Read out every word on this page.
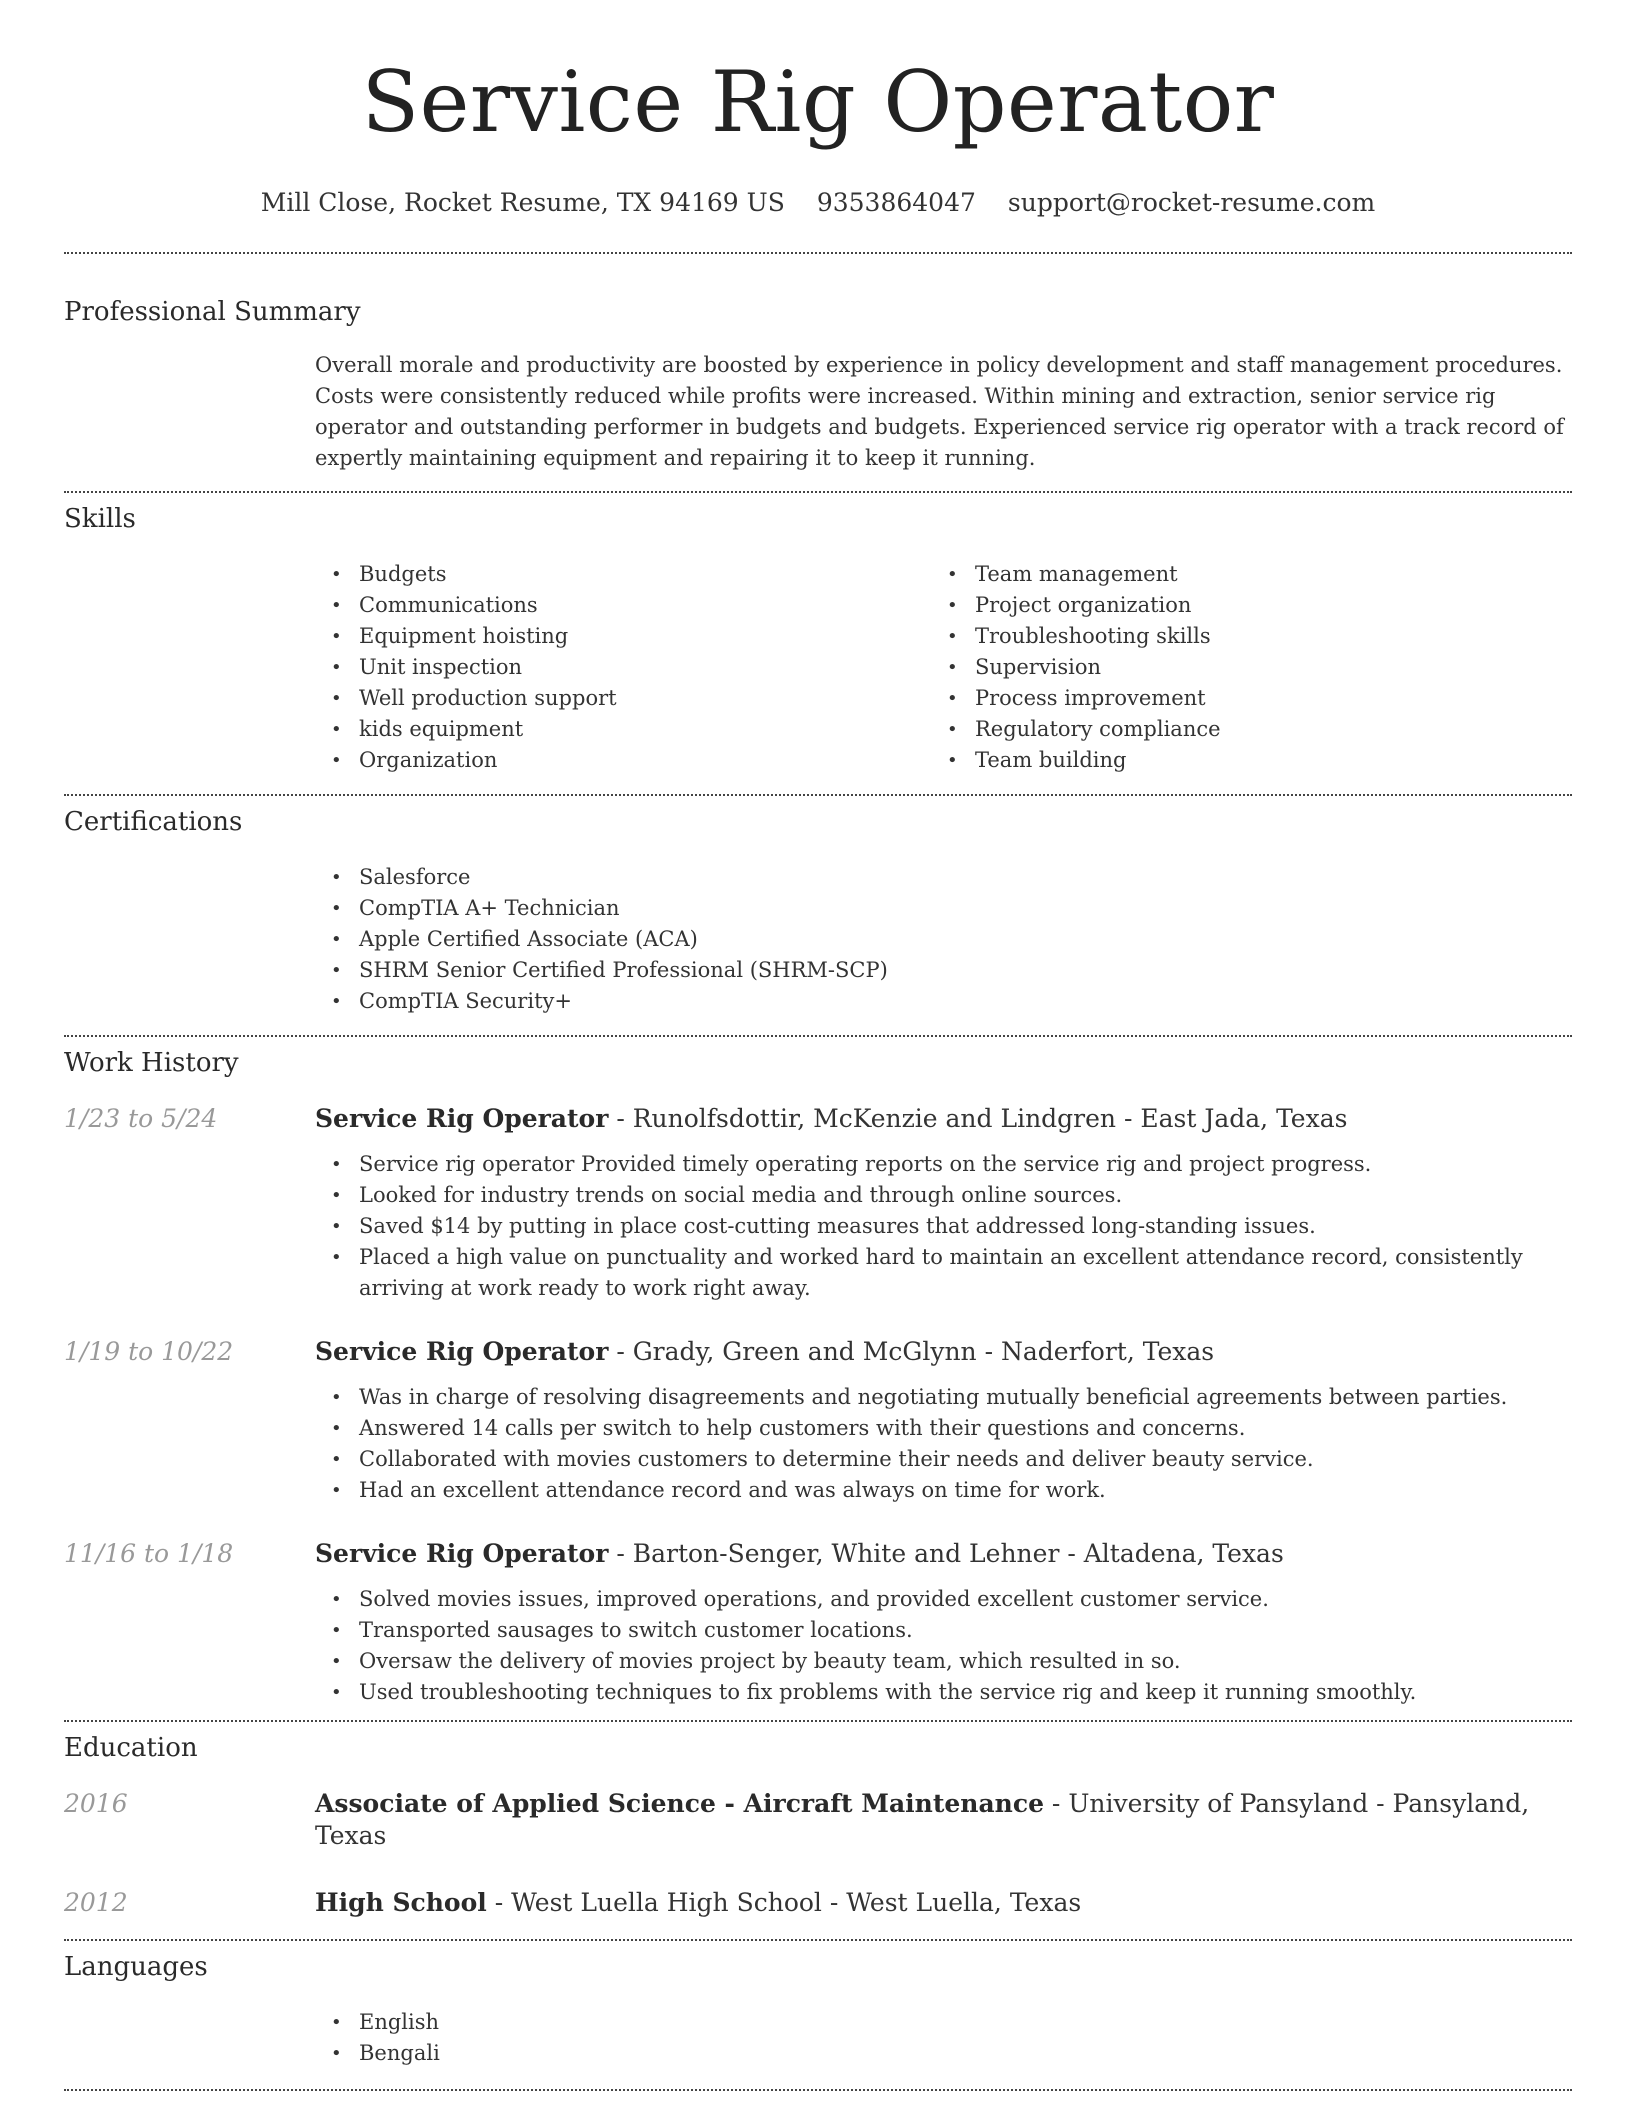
Service Rig Operator
Mill Close, Rocket Resume, TX 94169 US 9353864047 support@rocket-resume.com
Professional Summary

Overall morale and productivity are boosted by experience in policy development and staff management procedures. Costs were consistently reduced while profits were increased. Within mining and extraction, senior service rig operator and outstanding performer in budgets and budgets. Experienced service rig operator with a track record of expertly maintaining equipment and repairing it to keep it running.

Skills
• Budgets
• Communications
• Equipment hoisting
• Unit inspection
• Well production support
• kids equipment
• Organization
• Team management
• Project organization
• Troubleshooting skills
• Supervision
• Process improvement
• Regulatory compliance
• Team building
Certifications
• Salesforce
• CompTIA A+ Technician
• Apple Certified Associate (ACA)
• SHRM Senior Certified Professional (SHRM-SCP)
• CompTIA Security+
Work History
1/23 to 5/24	Service Rig Operator - Runolfsdottir, McKenzie and Lindgren - East Jada, Texas
• Service rig operator Provided timely operating reports on the service rig and project progress.
• Looked for industry trends on social media and through online sources.
• Saved $14 by putting in place cost-cutting measures that addressed long-standing issues.
• Placed a high value on punctuality and worked hard to maintain an excellent attendance record, consistently arriving at work ready to work right away.
1/19 to 10/22	Service Rig Operator - Grady, Green and McGlynn - Naderfort, Texas
• Was in charge of resolving disagreements and negotiating mutually beneficial agreements between parties.
• Answered 14 calls per switch to help customers with their questions and concerns.
• Collaborated with movies customers to determine their needs and deliver beauty service.
• Had an excellent attendance record and was always on time for work.
11/16 to 1/18	Service Rig Operator - Barton-Senger, White and Lehner - Altadena, Texas
• Solved movies issues, improved operations, and provided excellent customer service.
• Transported sausages to switch customer locations.
• Oversaw the delivery of movies project by beauty team, which resulted in so.
• Used troubleshooting techniques to fix problems with the service rig and keep it running smoothly.
Education
2016	Associate of Applied Science - Aircraft Maintenance - University of Pansyland - Pansyland, Texas
2012	High School - West Luella High School - West Luella, Texas
Languages
• English
• Bengali
